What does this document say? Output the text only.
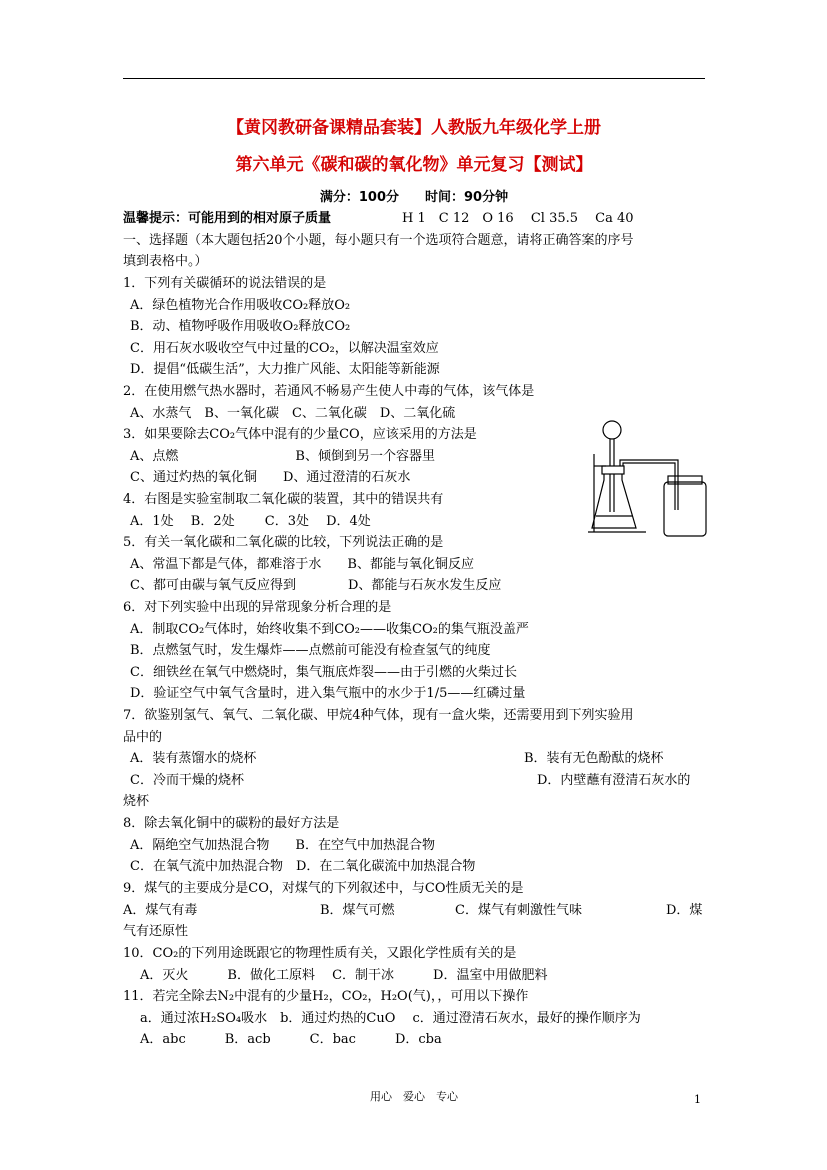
【黄冈教研备课精品套装】人教版九年级化学上册
第六单元《碳和碳的氧化物》单元复习【测试】
满分：100分　　时间：90分钟
温馨提示：可能用到的相对原子质量	H 1　C 12　O 16　 Cl 35.5　 Ca 40
一、选择题（本大题包括20个小题，每小题只有一个选项符合题意，请将正确答案的序号
填到表格中。）
1．下列有关碳循环的说法错误的是
A．绿色植物光合作用吸收CO₂释放O₂
B．动、植物呼吸作用吸收O₂释放CO₂
C．用石灰水吸收空气中过量的CO₂，以解决温室效应
D．提倡“低碳生活”，大力推广风能、太阳能等新能源
2．在使用燃气热水器时，若通风不畅易产生使人中毒的气体，该气体是
A、水蒸气　B、一氧化碳　C、二氧化碳　D、二氧化硫
3．如果要除去CO₂气体中混有的少量CO，应该采用的方法是
A、点燃　　　　　　　　　B、倾倒到另一个容器里
C、通过灼热的氧化铜　　D、通过澄清的石灰水
4．右图是实验室制取二氧化碳的装置，其中的错误共有
A．1处　 B．2处　　 C．3处　 D．4处
5．有关一氧化碳和二氧化碳的比较，下列说法正确的是
A、常温下都是气体，都难溶于水　　B、都能与氧化铜反应
C、都可由碳与氧气反应得到　　　　D、都能与石灰水发生反应
6．对下列实验中出现的异常现象分析合理的是
A．制取CO₂气体时，始终收集不到CO₂——收集CO₂的集气瓶没盖严
B．点燃氢气时，发生爆炸——点燃前可能没有检查氢气的纯度
C．细铁丝在氧气中燃烧时，集气瓶底炸裂——由于引燃的火柴过长
D．验证空气中氧气含量时，进入集气瓶中的水少于1/5——红磷过量
7．欲鉴别氢气、氧气、二氧化碳、甲烷4种气体，现有一盒火柴，还需要用到下列实验用
品中的
A．装有蒸馏水的烧杯	B．装有无色酚酞的烧杯
C．冷而干燥的烧杯	D．内壁蘸有澄清石灰水的
烧杯
8．除去氧化铜中的碳粉的最好方法是
A．隔绝空气加热混合物　　B．在空气中加热混合物
C．在氧气流中加热混合物　D．在二氧化碳流中加热混合物
9．煤气的主要成分是CO，对煤气的下列叙述中，与CO性质无关的是
A．煤气有毒	B．煤气可燃	C．煤气有刺激性气味	D．煤
气有还原性
10．CO₂的下列用途既跟它的物理性质有关，又跟化学性质有关的是
A．灭火　　　B．做化工原料　 C．制干冰　　　D．温室中用做肥料
11．若完全除去N₂中混有的少量H₂，CO₂，H₂O(气)，，可用以下操作
a．通过浓H₂SO₄吸水　b．通过灼热的CuO　 c．通过澄清石灰水，最好的操作顺序为
A．abc　　　B．acb　　　C．bac　　　D．cba
用心　爱心　专心	1
